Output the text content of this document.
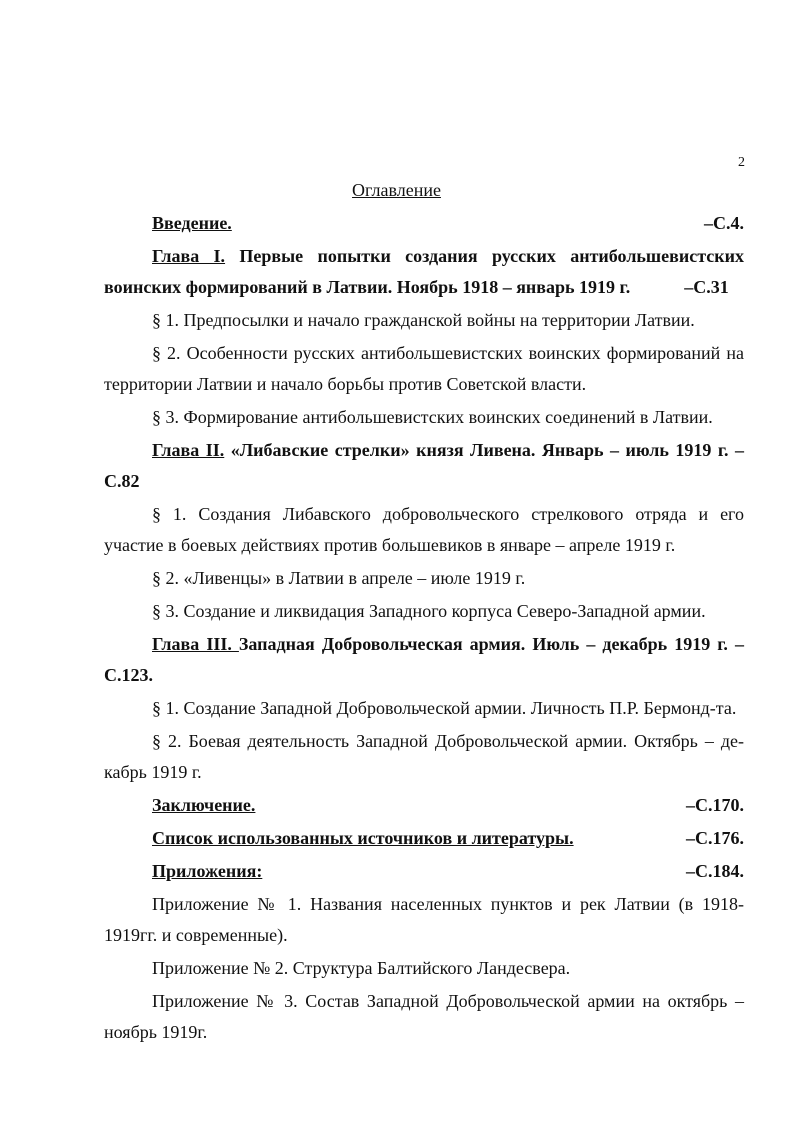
2
Оглавление
Введение.	–С.4.
Глава I. Первые попытки создания русских антибольшевистских воинских формирований в Латвии. Ноябрь 1918 – январь 1919 г.	–С.31
§ 1. Предпосылки и начало гражданской войны на территории Латвии.
§ 2. Особенности русских антибольшевистских воинских формирований на территории Латвии и начало борьбы против Советской власти.
§ 3. Формирование антибольшевистских воинских соединений в Латвии.
Глава II. «Либавские стрелки» князя Ливена. Январь – июль 1919 г. –С.82
§ 1. Создания Либавского добровольческого стрелкового отряда и его участие в боевых действиях против большевиков в январе – апреле 1919 г.
§ 2. «Ливенцы» в Латвии в апреле – июле 1919 г.
§ 3. Создание и ликвидация Западного корпуса Северо-Западной армии.
Глава III. Западная Добровольческая армия. Июль – декабрь 1919 г. –С.123.
§ 1. Создание Западной Добровольческой армии. Личность П.Р. Бермонд-та.
§ 2. Боевая деятельность Западной Добровольческой армии. Октябрь – де-кабрь 1919 г.
Заключение.	–С.170.
Список использованных источников и литературы.	–С.176.
Приложения:	–С.184.
Приложение № 1. Названия населенных пунктов и рек Латвии (в 1918-1919гг. и современные).
Приложение № 2. Структура Балтийского Ландесвера.
Приложение № 3. Состав Западной Добровольческой армии на октябрь – ноябрь 1919г.
